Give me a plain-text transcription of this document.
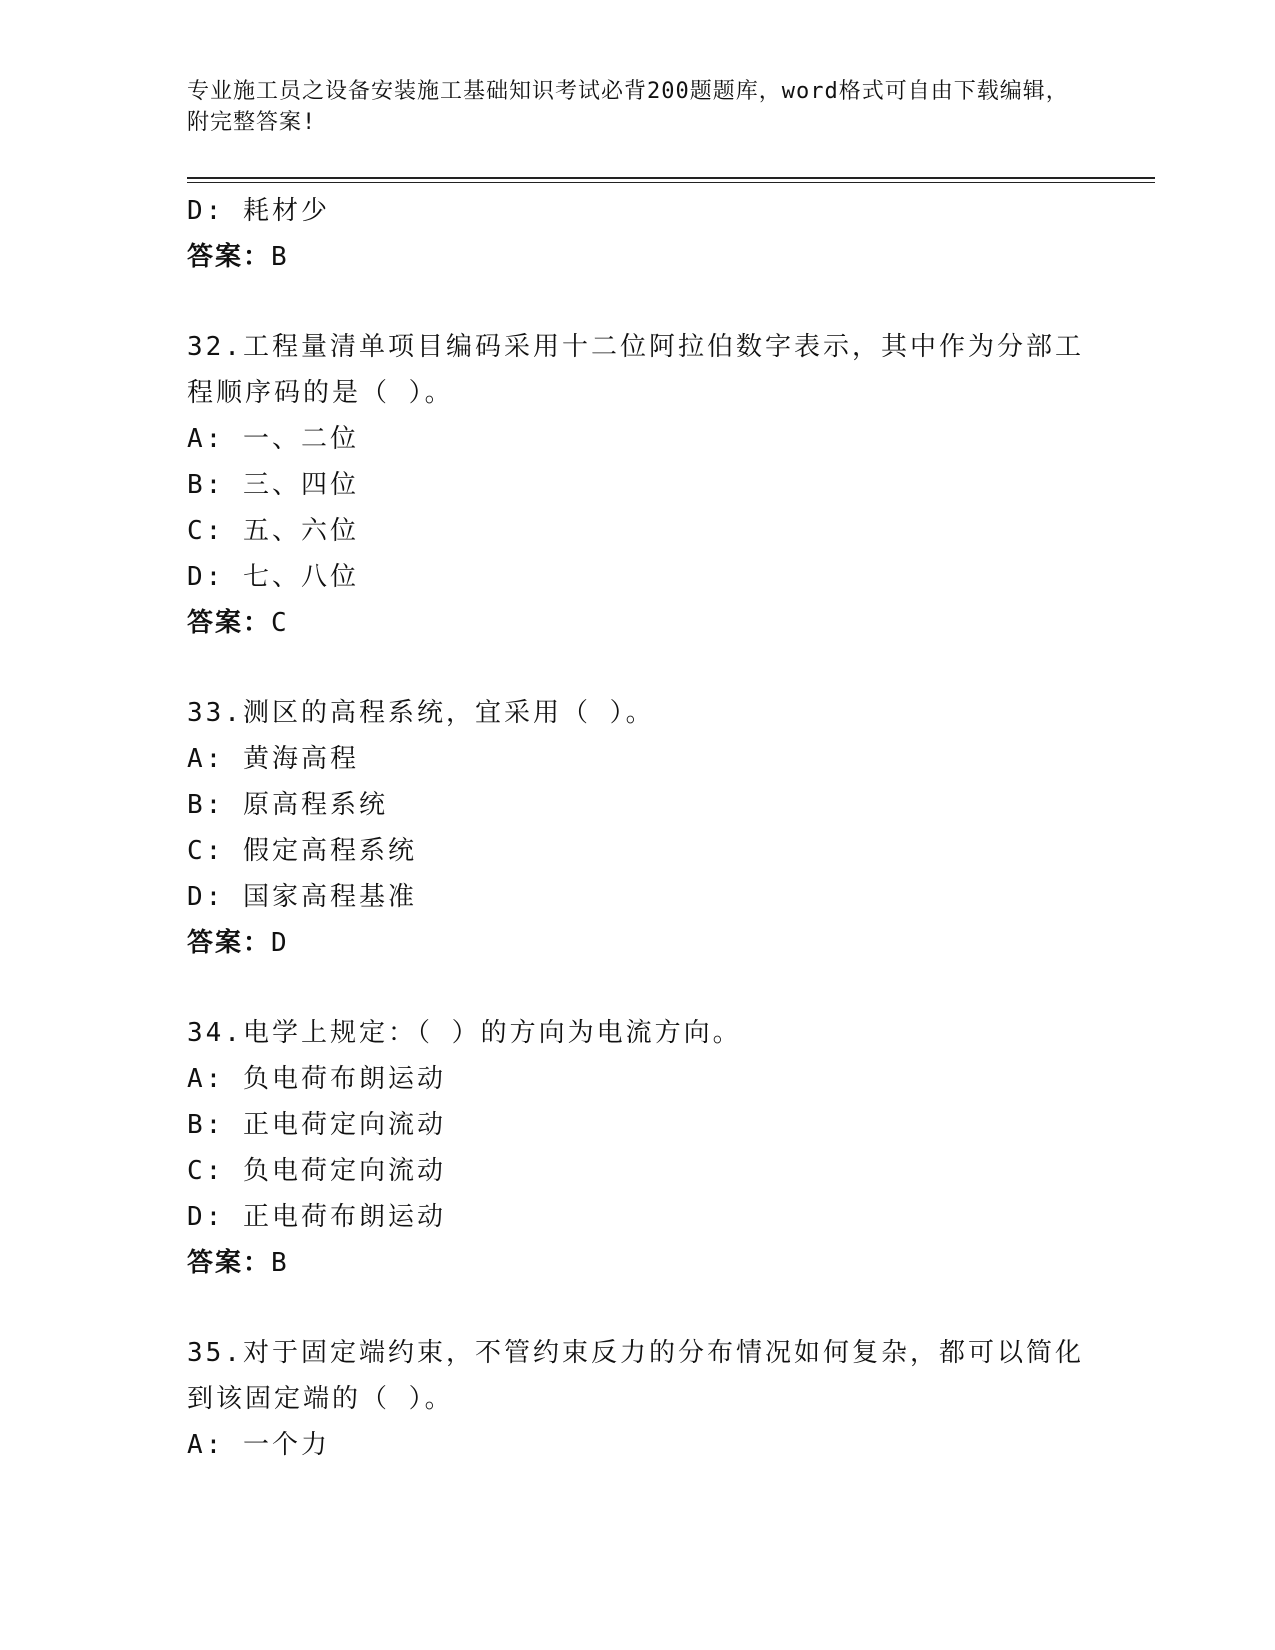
专业施工员之设备安装施工基础知识考试必背200题题库，word格式可自由下载编辑，附完整答案!
D: 耗材少
答案：B
32.工程量清单项目编码采用十二位阿拉伯数字表示，其中作为分部工程顺序码的是（ ）。
A: 一、二位
B: 三、四位
C: 五、六位
D: 七、八位
答案：C
33.测区的高程系统，宜采用（ ）。
A: 黄海高程
B: 原高程系统
C: 假定高程系统
D: 国家高程基准
答案：D
34.电学上规定：（ ）的方向为电流方向。
A: 负电荷布朗运动
B: 正电荷定向流动
C: 负电荷定向流动
D: 正电荷布朗运动
答案：B
35.对于固定端约束，不管约束反力的分布情况如何复杂，都可以简化到该固定端的（ ）。
A: 一个力
